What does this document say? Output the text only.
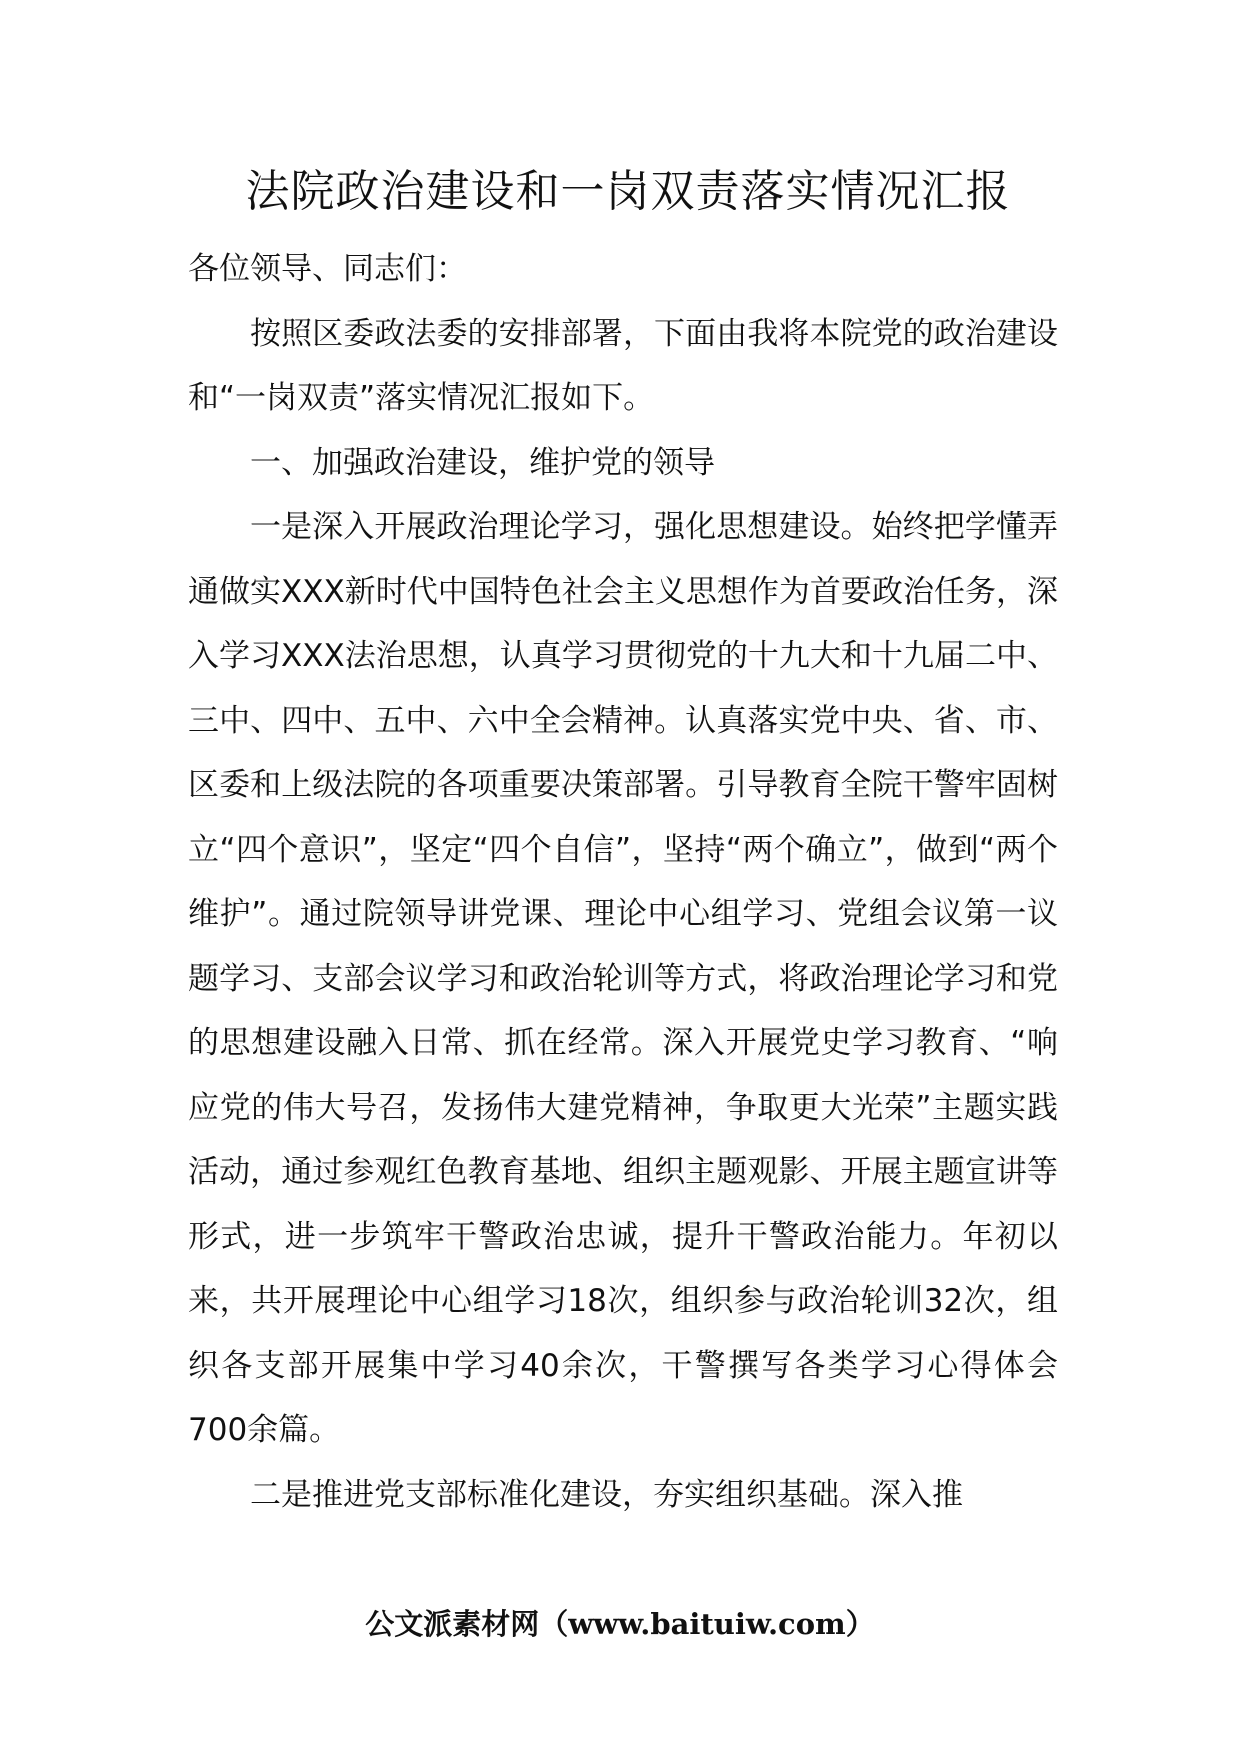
法院政治建设和一岗双责落实情况汇报

各位领导、同志们：

按照区委政法委的安排部署，下面由我将本院党的政治建设和“一岗双责”落实情况汇报如下。

一、加强政治建设，维护党的领导

一是深入开展政治理论学习，强化思想建设。始终把学懂弄通做实XXX新时代中国特色社会主义思想作为首要政治任务，深入学习XXX法治思想，认真学习贯彻党的十九大和十九届二中、三中、四中、五中、六中全会精神。认真落实党中央、省、市、区委和上级法院的各项重要决策部署。引导教育全院干警牢固树立“四个意识”，坚定“四个自信”，坚持“两个确立”，做到“两个维护”。通过院领导讲党课、理论中心组学习、党组会议第一议题学习、支部会议学习和政治轮训等方式，将政治理论学习和党的思想建设融入日常、抓在经常。深入开展党史学习教育、“响应党的伟大号召，发扬伟大建党精神，争取更大光荣”主题实践活动，通过参观红色教育基地、组织主题观影、开展主题宣讲等形式，进一步筑牢干警政治忠诚，提升干警政治能力。年初以来，共开展理论中心组学习18次，组织参与政治轮训32次，组织各支部开展集中学习40余次，干警撰写各类学习心得体会700余篇。

二是推进党支部标准化建设，夯实组织基础。深入推

公文派素材网（www.baituiw.com）
